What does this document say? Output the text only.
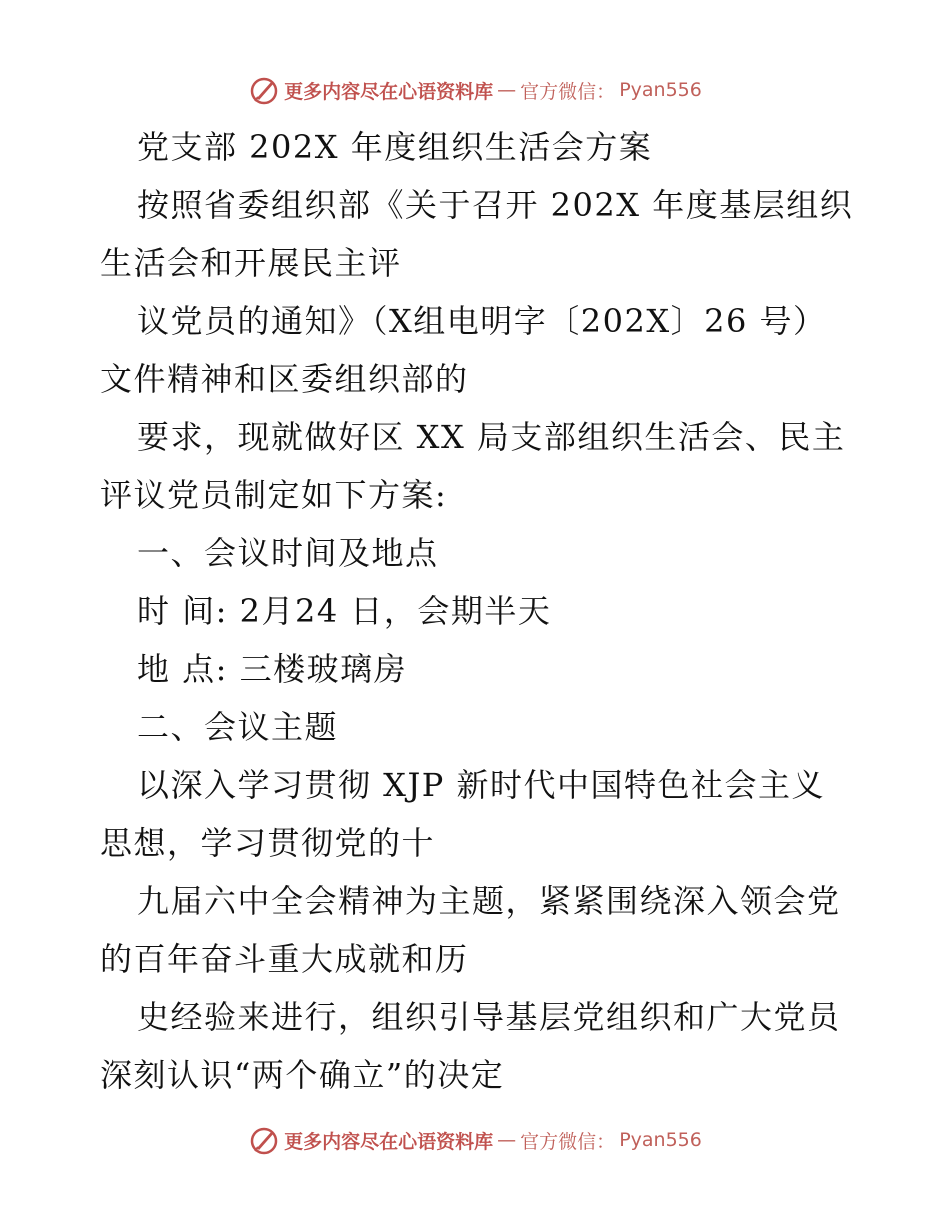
更多内容尽在心语资料库 — 官方微信： Pyan556
党支部 202X 年度组织生活会方案
按照省委组织部《关于召开 202X 年度基层组织
生活会和开展民主评
议党员的通知》（X组电明字〔202X〕26 号）
文件精神和区委组织部的
要求，现就做好区 XX 局支部组织生活会、民主
评议党员制定如下方案:
一、会议时间及地点
时 间: 2月24 日，会期半天
地 点: 三楼玻璃房
二、会议主题
以深入学习贯彻 XJP 新时代中国特色社会主义
思想，学习贯彻党的十
九届六中全会精神为主题，紧紧围绕深入领会党
的百年奋斗重大成就和历
史经验来进行，组织引导基层党组织和广大党员
深刻认识“两个确立”的决定
更多内容尽在心语资料库 — 官方微信： Pyan556
